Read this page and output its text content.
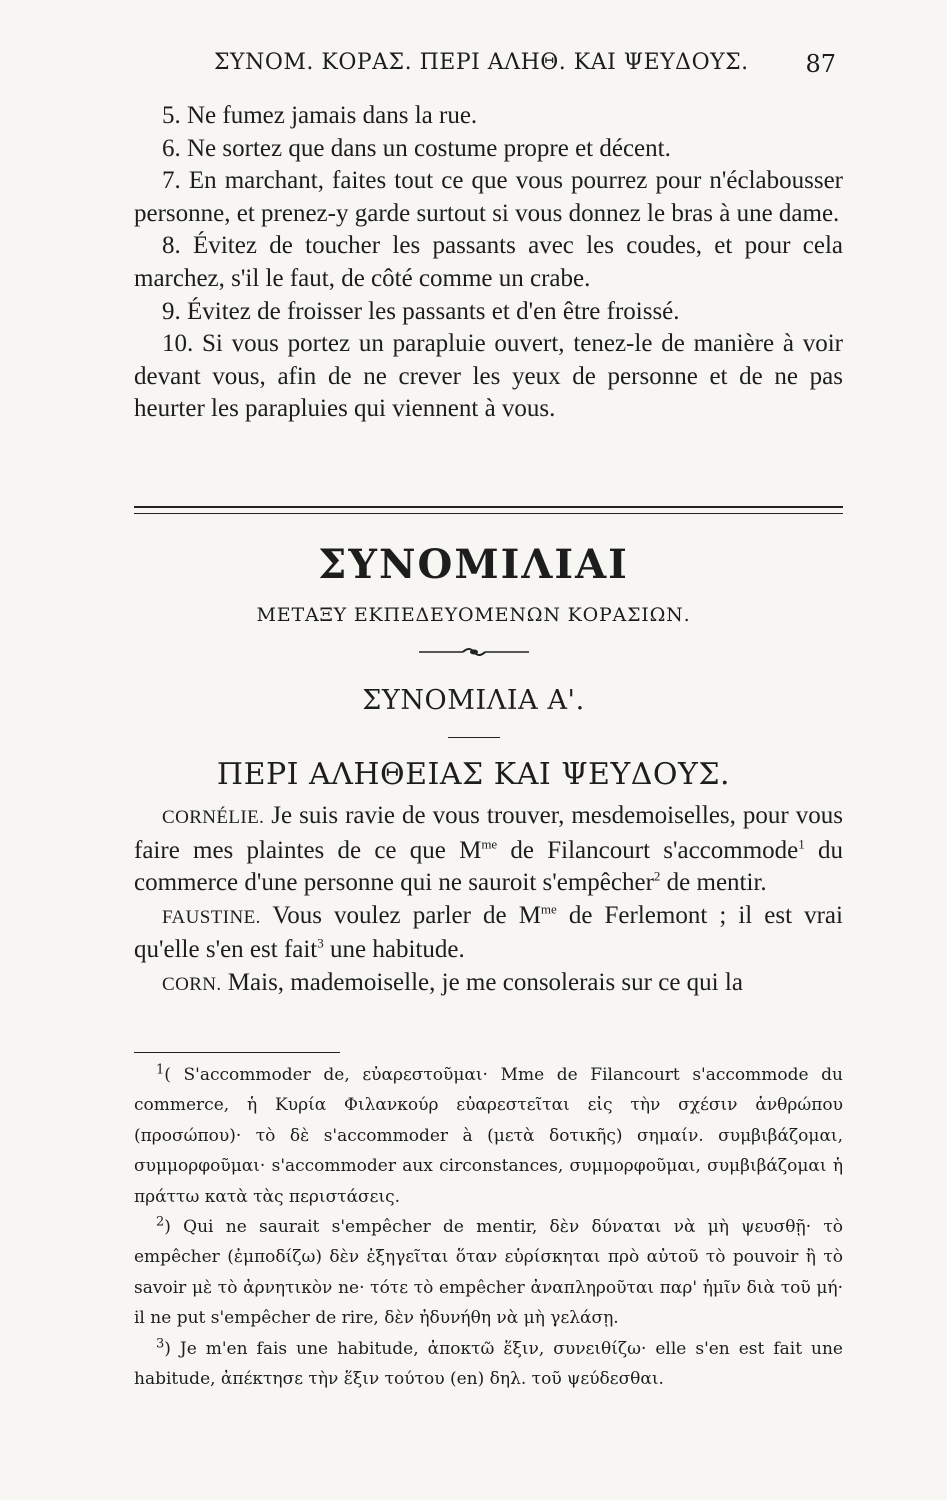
ΣΥΝΟΜ. ΚΟΡΑΣ. ΠΕΡΙ ΑΛΗΘ. ΚΑΙ ΨΕΥΔΟΥΣ. 87

5. Ne fumez jamais dans la rue.

6. Ne sortez que dans un costume propre et décent.

7. En marchant, faites tout ce que vous pourrez pour n'éclabousser personne, et prenez-y garde surtout si vous donnez le bras à une dame.

8. Évitez de toucher les passants avec les coudes, et pour cela marchez, s'il le faut, de côté comme un crabe.

9. Évitez de froisser les passants et d'en être froissé.

10. Si vous portez un parapluie ouvert, tenez-le de manière à voir devant vous, afin de ne crever les yeux de personne et de ne pas heurter les parapluies qui viennent à vous.

ΣΥΝΟΜΙΛΙΑΙ
ΜΕΤΑΞΥ ΕΚΠΕΔΕΥΟΜΕΝΩΝ ΚΟΡΑΣΙΩΝ.
ΣΥΝΟΜΙΛΙΑ Α'.
ΠΕΡΙ ΑΛΗΘΕΙΑΣ ΚΑΙ ΨΕΥΔΟΥΣ.

CORNÉLIE. Je suis ravie de vous trouver, mesdemoiselles, pour vous faire mes plaintes de ce que $M^{me}$ de Filancourt s'accommode$^1$ du commerce d'une personne qui ne sauroit s'empêcher$^2$ de mentir.

FAUSTINE. Vous voulez parler de $M^{me}$ de Ferlemont ; il est vrai qu'elle s'en est fait$^3$ une habitude.

CORN. Mais, mademoiselle, je me consolerais sur ce qui la

$^1$( S'accommoder de, εὐαρεστοῦμαι· Mme de Filancourt s'accommode du commerce, ἡ Κυρία Φιλανκούρ εὐαρεστεῖται εἰς τὴν σχέσιν ἀνθρώπου (προσώπου)· τὸ δὲ s'accommoder à (μετὰ δοτικῆς) σημαίν. συμβιβάζομαι, συμμορφοῦμαι· s'accommoder aux circonstances, συμμορφοῦμαι, συμβιβάζομαι ἡ πράττω κατὰ τὰς περιστάσεις.

$^2$) Qui ne saurait s'empêcher de mentir, δὲν δύναται νὰ μὴ ψευσθῇ· τὸ empêcher (ἐμποδίζω) δὲν ἐξηγεῖται ὅταν εὑρίσκηται πρὸ αὐτοῦ τὸ pouvoir ἢ τὸ savoir μὲ τὸ ἀρνητικὸν ne· τότε τὸ empêcher ἀναπληροῦται παρ' ἡμῖν διὰ τοῦ μή· il ne put s'empêcher de rire, δὲν ἠδυνήθη νὰ μὴ γελάσῃ.

$^3$) Je m'en fais une habitude, ἀποκτῶ ἕξιν, συνειθίζω· elle s'en est fait une habitude, ἀπέκτησε τὴν ἕξιν τούτου (en) δηλ. τοῦ ψεύδεσθαι.
